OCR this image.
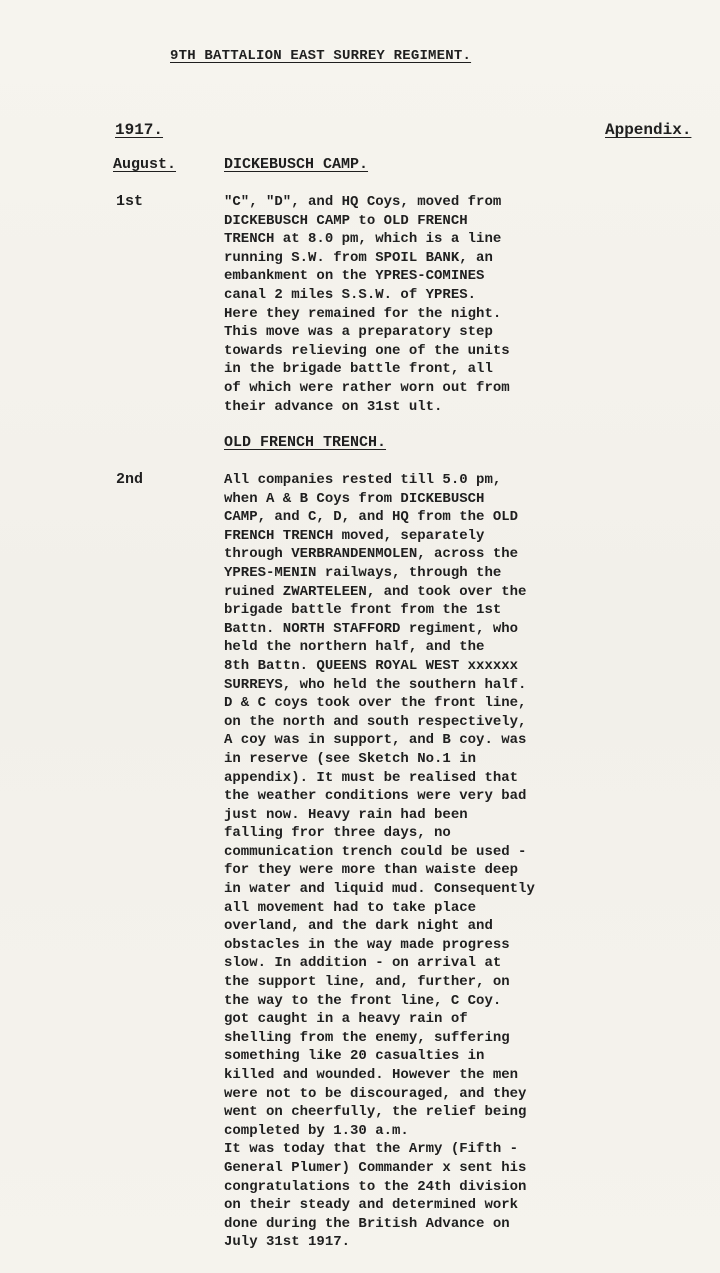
9TH BATTALION EAST SURREY REGIMENT.
1917.	Appendix.
August.	DICKEBUSCH CAMP.
1st	"C", "D", and HQ Coys, moved from
DICKEBUSCH CAMP to OLD FRENCH
TRENCH at 8.0 pm, which is a line
running S.W. from SPOIL BANK, an
embankment on the YPRES-COMINES
canal 2 miles S.S.W. of YPRES.
Here they remained for the night.
This move was a preparatory step
towards relieving one of the units
in the brigade battle front, all
of which were rather worn out from
their advance on 31st ult.
OLD FRENCH TRENCH.
2nd	All companies rested till 5.0 pm,
when A & B Coys from DICKEBUSCH
CAMP, and C, D, and HQ from the OLD
FRENCH TRENCH moved, separately
through VERBRANDENMOLEN, across the
YPRES-MENIN railways, through the
ruined ZWARTELEEN, and took over the
brigade battle front from the 1st
Battn. NORTH STAFFORD regiment, who
held the northern half, and the
8th Battn. QUEENS ROYAL WEST xxxxxx
SURREYS, who held the southern half.
D & C coys took over the front line,
on the north and south respectively,
A coy was in support, and B coy. was
in reserve (see Sketch No.1 in
appendix). It must be realised that
the weather conditions were very bad
just now. Heavy rain had been
falling fror three days, no
communication trench could be used -
for they were more than waiste deep
in water and liquid mud. Consequently
all movement had to take place
overland, and the dark night and
obstacles in the way made progress
slow. In addition - on arrival at
the support line, and, further, on
the way to the front line, C Coy.
got caught in a heavy rain of
shelling from the enemy, suffering
something like 20 casualties in
killed and wounded. However the men
were not to be discouraged, and they
went on cheerfully, the relief being
completed by 1.30 a.m.
It was today that the Army (Fifth -
General Plumer) Commander x sent his
congratulations to the 24th division
on their steady and determined work
done during the British Advance on
July 31st 1917.
